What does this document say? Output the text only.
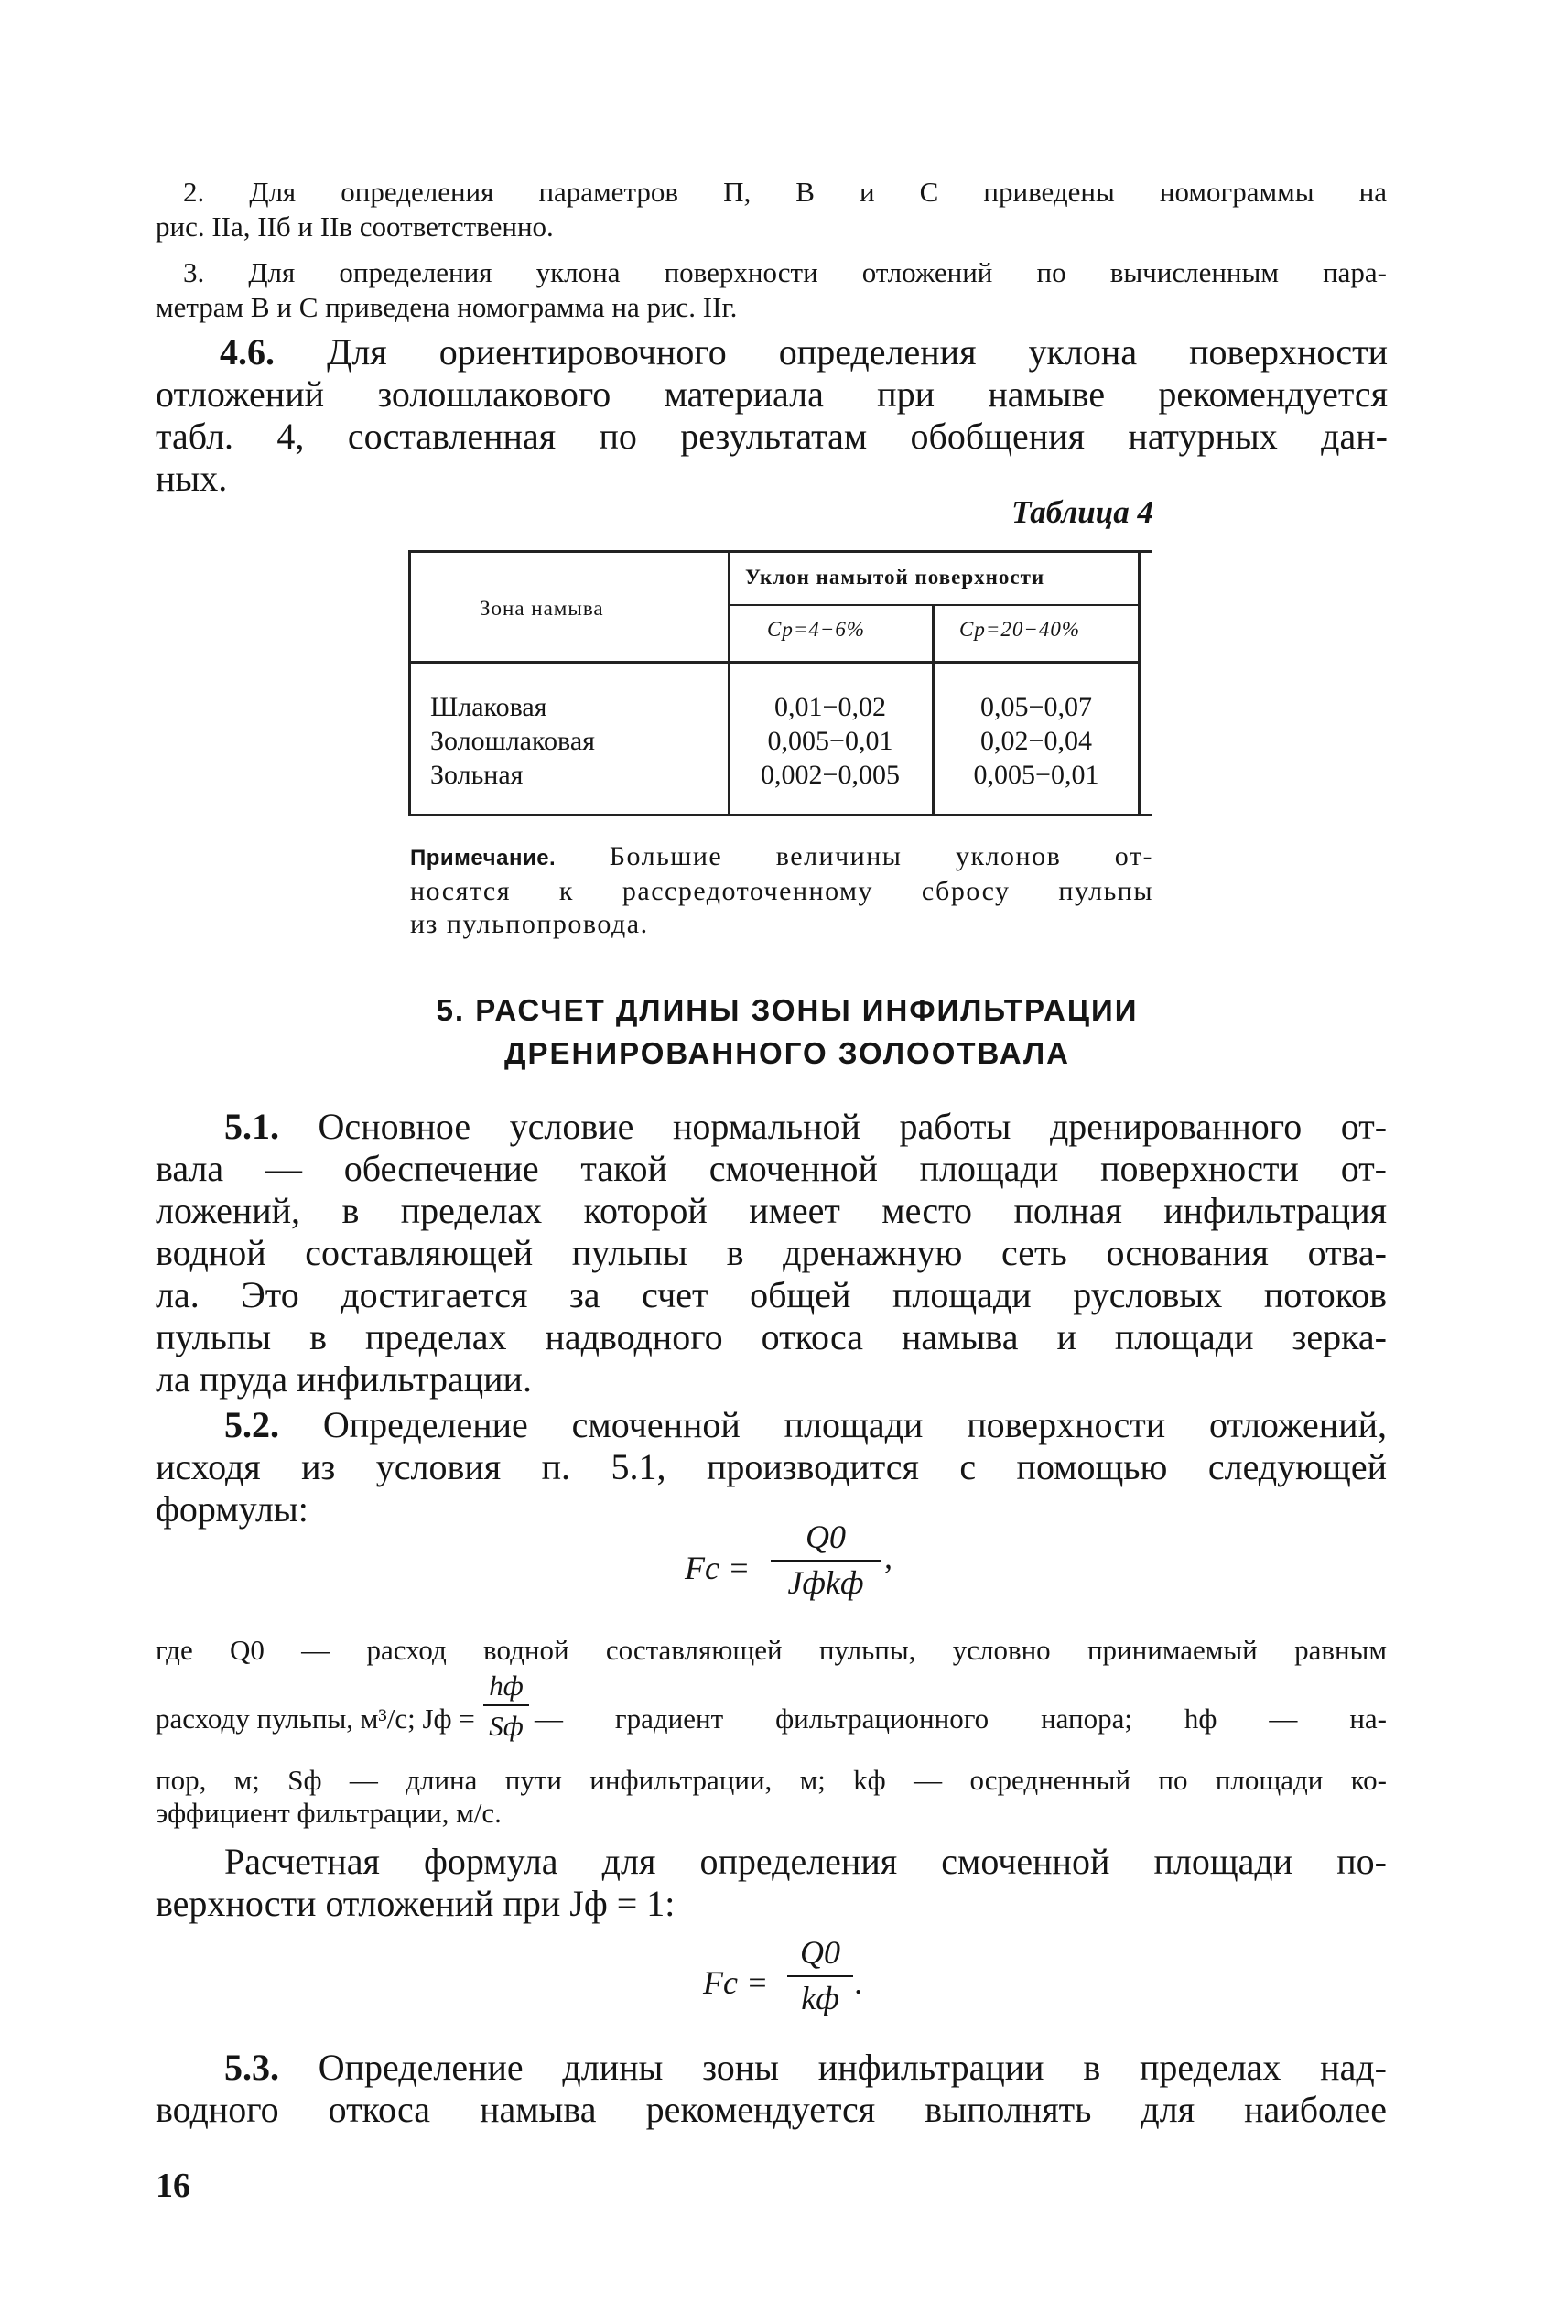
2. Для определения параметров П, В и С приведены номограммы на

рис. IIa, IIб и IIв соответственно.

3. Для определения уклона поверхности отложений по вычисленным пара-

метрам В и С приведена номограмма на рис. IIг.

4.6. Для ориентировочного определения уклона поверхности

отложений золошлакового материала при намыве рекомендуется

табл. 4, составленная по результатам обобщения натурных дан-

ных.

Таблица 4
Зона намыва
Уклон намытой поверхности
Cp=4−6%	Cp=20−40%
Шлаковая
Золошлаковая
Зольная
0,01−0,02
0,005−0,01
0,002−0,005
0,05−0,07
0,02−0,04
0,005−0,01
Примечание. Большие величины уклонов от-
носятся к рассредоточенному сбросу пульпы
из пульпопровода.
5. РАСЧЕТ ДЛИНЫ ЗОНЫ ИНФИЛЬТРАЦИИ
ДРЕНИРОВАННОГО ЗОЛООТВАЛА
5.1. Основное условие нормальной работы дренированного от-

вала — обеспечение такой смоченной площади поверхности от-

ложений, в пределах которой имеет место полная инфильтрация

водной составляющей пульпы в дренажную сеть основания отва-

ла. Это достигается за счет общей площади русловых потоков

пульпы в пределах надводного откоса намыва и площади зерка-

ла пруда инфильтрации.

5.2. Определение смоченной площади поверхности отложений,

исходя из условия п. 5.1, производится с помощью следующей

формулы:

Fс =
Q0
Jфkф
,

где Q0 — расход водной составляющей пульпы, условно принимаемый равным

расходу пульпы, м³/с; Jф =
hф
Sф — градиент фильтрационного напора; hф — на-

пор, м; Sф — длина пути инфильтрации, м; kф — осредненный по площади ко-

эффициент фильтрации, м/с.

Расчетная формула для определения смоченной площади по-

верхности отложений при Jф = 1:

Fс =
Q0
kф .
5.3. Определение длины зоны инфильтрации в пределах над-

водного откоса намыва рекомендуется выполнять для наиболее

16
